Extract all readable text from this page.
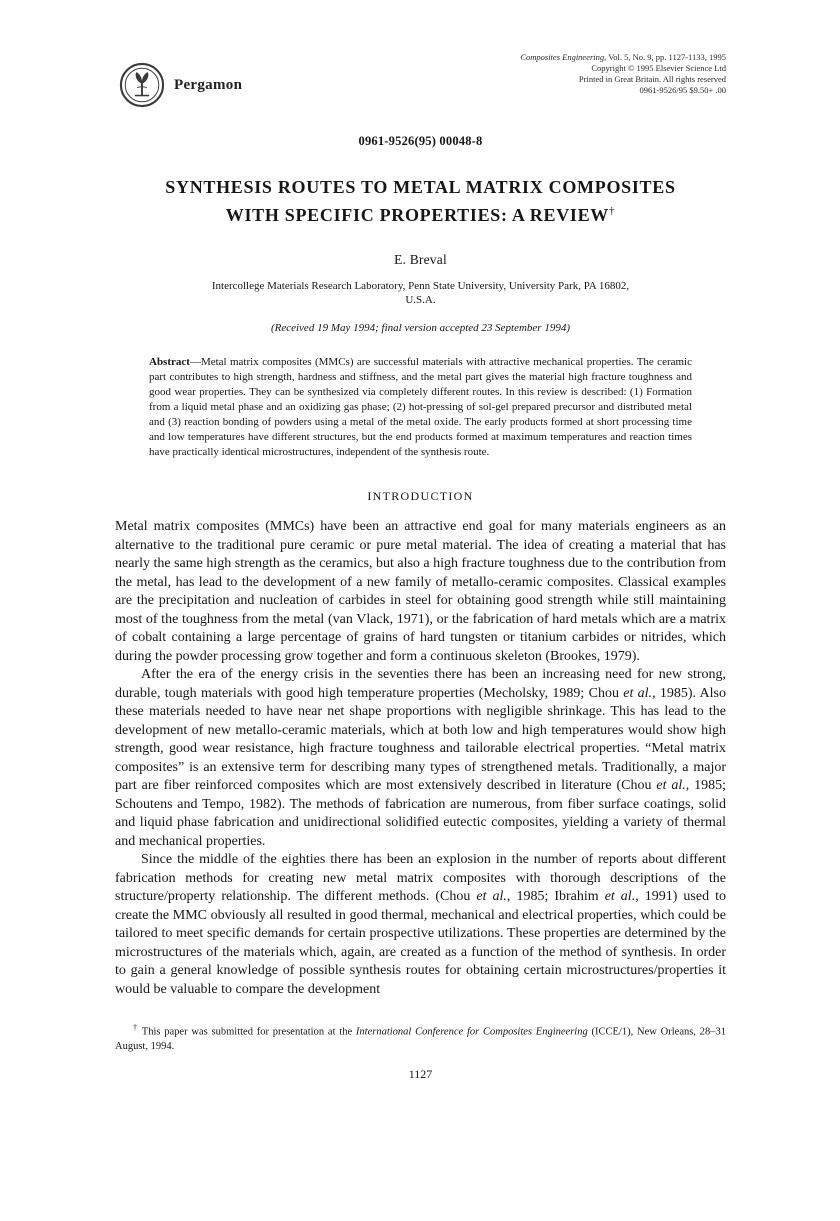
Pergamon
Composites Engineering, Vol. 5, No. 9, pp. 1127-1133, 1995
Copyright © 1995 Elsevier Science Ltd
Printed in Great Britain. All rights reserved
0961-9526/95 $9.50+ .00
0961-9526(95) 00048-8
SYNTHESIS ROUTES TO METAL MATRIX COMPOSITES
WITH SPECIFIC PROPERTIES: A REVIEW†
E. Breval
Intercollege Materials Research Laboratory, Penn State University, University Park, PA 16802,
U.S.A.
(Received 19 May 1994; final version accepted 23 September 1994)

Abstract—Metal matrix composites (MMCs) are successful materials with attractive mechanical properties. The ceramic part contributes to high strength, hardness and stiffness, and the metal part gives the material high fracture toughness and good wear properties. They can be synthesized via completely different routes. In this review is described: (1) Formation from a liquid metal phase and an oxidizing gas phase; (2) hot-pressing of sol-gel prepared precursor and distributed metal and (3) reaction bonding of powders using a metal of the metal oxide. The early products formed at short processing time and low temperatures have different structures, but the end products formed at maximum temperatures and reaction times have practically identical microstructures, independent of the synthesis route.

INTRODUCTION

Metal matrix composites (MMCs) have been an attractive end goal for many materials engineers as an alternative to the traditional pure ceramic or pure metal material. The idea of creating a material that has nearly the same high strength as the ceramics, but also a high fracture toughness due to the contribution from the metal, has lead to the development of a new family of metallo-ceramic composites. Classical examples are the precipitation and nucleation of carbides in steel for obtaining good strength while still maintaining most of the toughness from the metal (van Vlack, 1971), or the fabrication of hard metals which are a matrix of cobalt containing a large percentage of grains of hard tungsten or titanium carbides or nitrides, which during the powder processing grow together and form a continuous skeleton (Brookes, 1979).

After the era of the energy crisis in the seventies there has been an increasing need for new strong, durable, tough materials with good high temperature properties (Mecholsky, 1989; Chou et al., 1985). Also these materials needed to have near net shape proportions with negligible shrinkage. This has lead to the development of new metallo-ceramic materials, which at both low and high temperatures would show high strength, good wear resistance, high fracture toughness and tailorable electrical properties. “Metal matrix composites” is an extensive term for describing many types of strengthened metals. Traditionally, a major part are fiber reinforced composites which are most extensively described in literature (Chou et al., 1985; Schoutens and Tempo, 1982). The methods of fabrication are numerous, from fiber surface coatings, solid and liquid phase fabrication and unidirectional solidified eutectic composites, yielding a variety of thermal and mechanical properties.

Since the middle of the eighties there has been an explosion in the number of reports about different fabrication methods for creating new metal matrix composites with thorough descriptions of the structure/property relationship. The different methods. (Chou et al., 1985; Ibrahim et al., 1991) used to create the MMC obviously all resulted in good thermal, mechanical and electrical properties, which could be tailored to meet specific demands for certain prospective utilizations. These properties are determined by the microstructures of the materials which, again, are created as a function of the method of synthesis. In order to gain a general knowledge of possible synthesis routes for obtaining certain microstructures/properties it would be valuable to compare the development

† This paper was submitted for presentation at the International Conference for Composites Engineering (ICCE/1), New Orleans, 28–31 August, 1994.

1127
